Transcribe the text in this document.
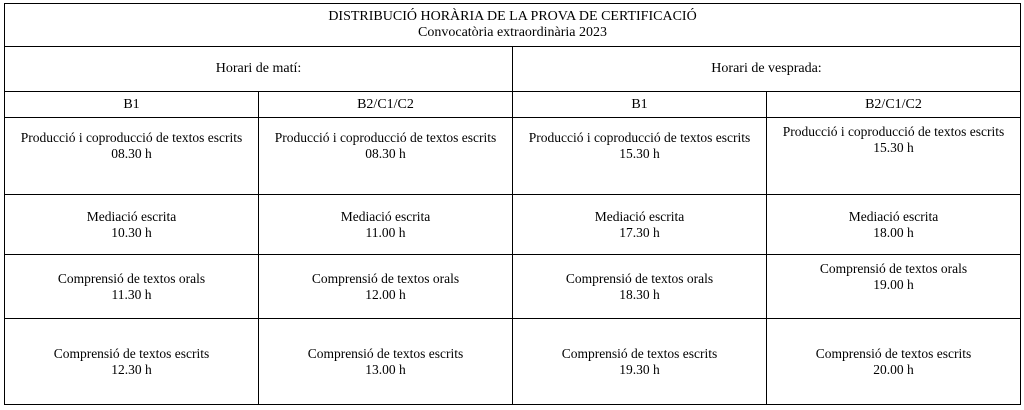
DISTRIBUCIÓ HORÀRIA DE LA PROVA DE CERTIFICACIÓ
Convocatòria extraordinària 2023			

Horari de matí:		Horari de vesprada:	
B1	B2/C1/C2	B1	B2/C1/C2

Producció i coproducció de textos escrits
08.30 h	Producció i coproducció de textos escrits
08.30 h	Producció i coproducció de textos escrits
15.30 h	Producció i coproducció de textos escrits
15.30 h

Mediació escrita
10.30 h	Mediació escrita
11.00 h	Mediació escrita
17.30 h	Mediació escrita
18.00 h

Comprensió de textos orals
11.30 h	Comprensió de textos orals
12.00 h	Comprensió de textos orals
18.30 h	Comprensió de textos orals
19.00 h

Comprensió de textos escrits
12.30 h	Comprensió de textos escrits
13.00 h	Comprensió de textos escrits
19.30 h	Comprensió de textos escrits
20.00 h
